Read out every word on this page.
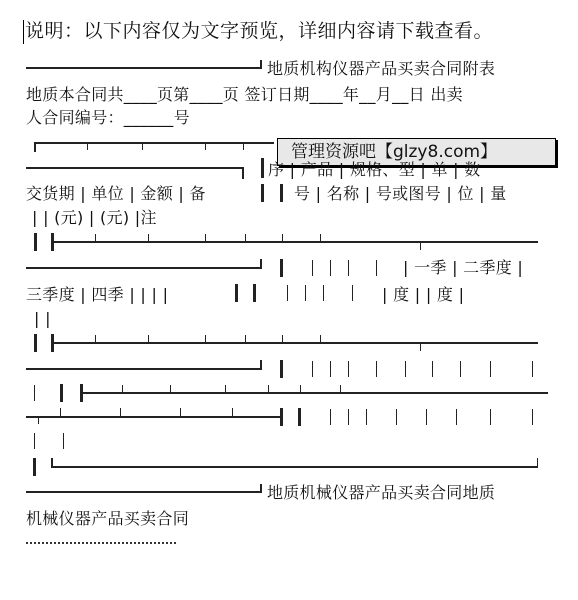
说明：以下内容仅为文字预览，详细内容请下载查看。
地质机构仪器产品买卖合同附表
地质本合同共____页第____页 签订日期____年__月__日 出卖
人合同编号：______号
管理资源吧【glzy8.com】
序 | 产品 | 规格、型 | 单 | 数
交货期 | 单位 | 金额 | 备	号 | 名称 | 号或图号 | 位 | 量
| | (元) | (元) |注
| 一季 | 二季度 |
三季度 | 四季 | | | |	| 度 | | 度 |
| |
地质机械仪器产品买卖合同地质
机械仪器产品买卖合同
